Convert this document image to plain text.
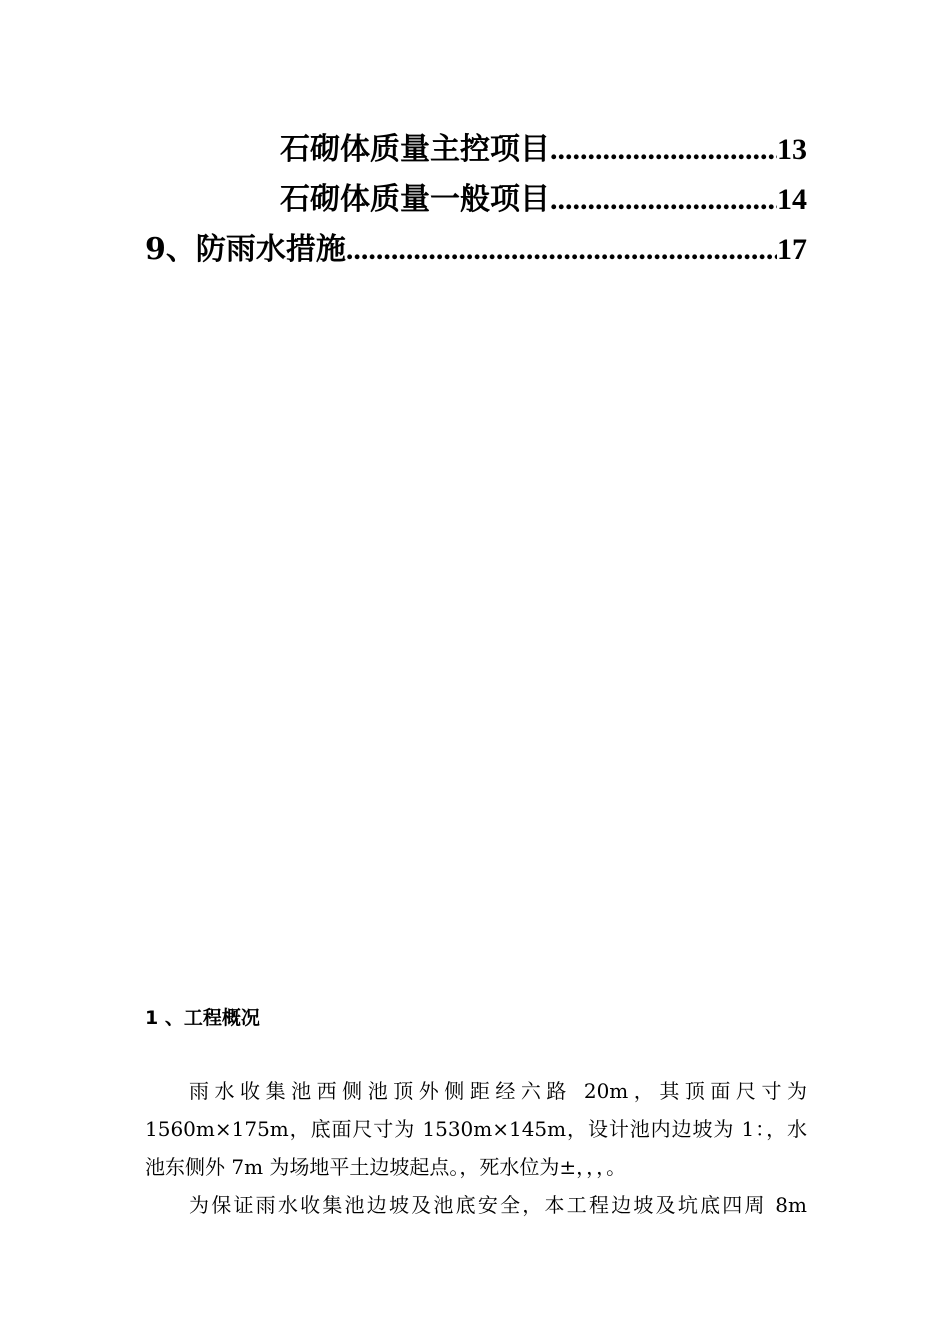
石砌体质量主控项目 .....	13
石砌体质量一般项目 .....	14
9、防雨水措施 .....	17
1 、工程概况
雨水收集池西侧池顶外侧距经六路 20m，其顶面尺寸为
1560m×175m，底面尺寸为 1530m×145m，设计池内边坡为 1：，水
池东侧外 7m 为场地平土边坡起点。，死水位为±，，，。
为保证雨水收集池边坡及池底安全，本工程边坡及坑底四周 8m
